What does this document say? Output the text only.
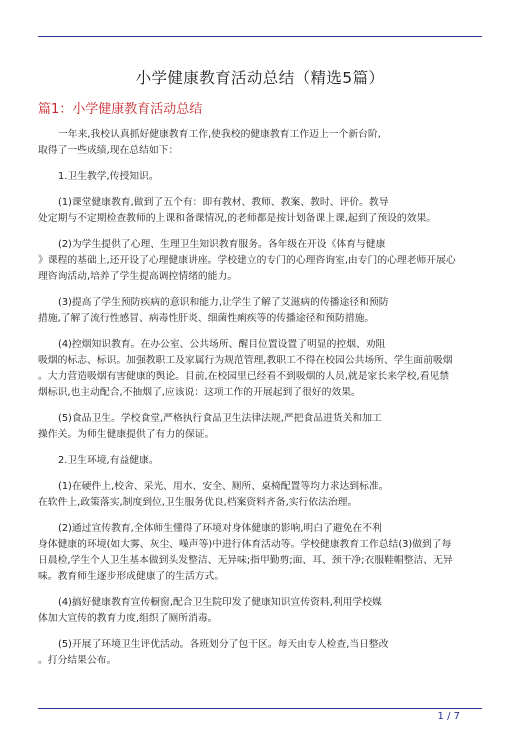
小学健康教育活动总结（精选5篇）
篇1：小学健康教育活动总结

一年来,我校认真抓好健康教育工作,使我校的健康教育工作迈上一个新台阶,
取得了一些成绩,现在总结如下：

1.卫生教学,传授知识。

(1)课堂健康教育,做到了五个有：即有教材、教师、教案、教时、评价。教导
处定期与不定期检查教师的上课和备课情况,的老师都是按计划备课上课,起到了预设的效果。

(2)为学生提供了心理、生理卫生知识教育服务。各年级在开设《体育与健康
》课程的基础上,还开设了心理健康讲座。学校建立的专门的心理咨询室,由专门的心理老师开展心
理咨询活动,培养了学生提高调控情绪的能力。

(3)提高了学生预防疾病的意识和能力,让学生了解了艾滋病的传播途径和预防
措施,了解了流行性感冒、病毒性肝炎、细菌性痢疾等的传播途径和预防措施。

(4)控烟知识教育。在办公室、公共场所、醒目位置设置了明显的控烟、劝阻
吸烟的标志、标识。加强教职工及家属行为规范管理,教职工不得在校园公共场所、学生面前吸烟
。大力营造吸烟有害健康的舆论。目前,在校园里已经看不到吸烟的人员,就是家长来学校,看见禁
烟标识,也主动配合,不抽烟了,应该说：这项工作的开展起到了很好的效果。

(5)食品卫生。学校食堂,严格执行食品卫生法律法规,严把食品进货关和加工
操作关。为师生健康提供了有力的保证。

2.卫生环境,有益健康。

(1)在硬件上,校舍、采光、用水、安全、厕所、桌椅配置等均力求达到标准。
在软件上,政策落实,制度到位,卫生服务优良,档案资料齐备,实行依法治理。

(2)通过宣传教育,全体师生懂得了环境对身体健康的影响,明白了避免在不利
身体健康的环境(如大雾、灰尘、噪声等)中进行体育活动等。学校健康教育工作总结(3)做到了每
日晨检,学生个人卫生基本做到头发整洁、无异味;指甲勤剪;面、耳、颈干净;衣服鞋帽整洁、无异
味。教育师生逐步形成健康了的生活方式。

(4)搞好健康教育宣传橱窗,配合卫生院印发了健康知识宣传资料,利用学校媒
体加大宣传的教育力度,组织了厕所消毒。

(5)开展了环境卫生评优活动。各班划分了包干区。每天由专人检查,当日整改
。打分结果公布。

1 / 7
